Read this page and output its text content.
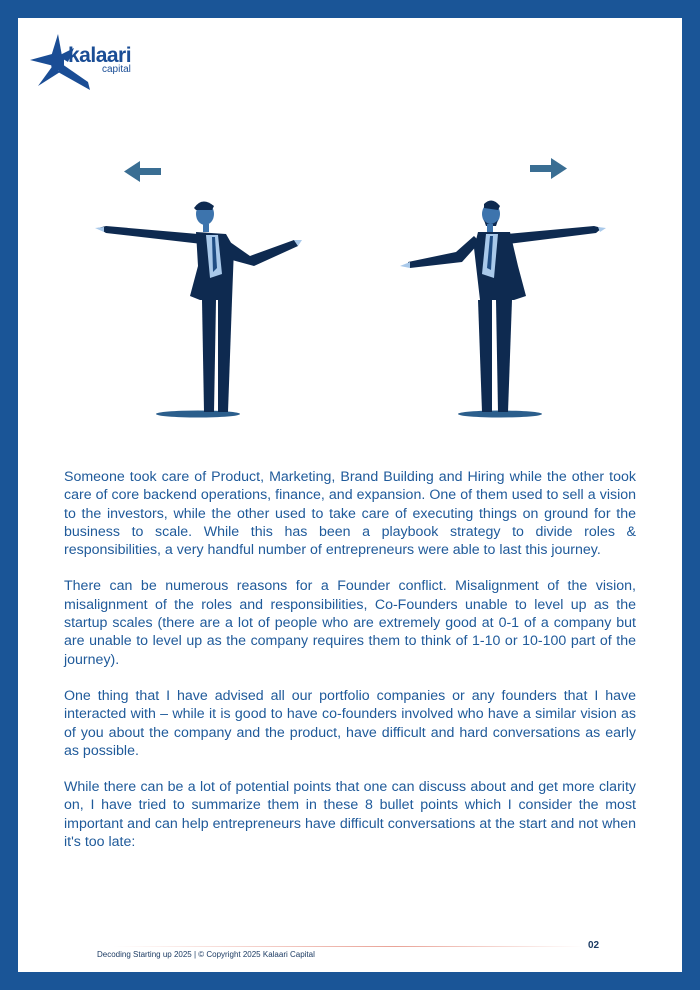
kalaari
capital

Someone took care of Product, Marketing, Brand Building and Hiring while the other took care of core backend operations, finance, and expansion. One of them used to sell a vision to the investors, while the other used to take care of executing things on ground for the business to scale. While this has been a playbook strategy to divide roles & responsibilities, a very handful number of entrepreneurs were able to last this journey.

There can be numerous reasons for a Founder conflict. Misalignment of the vision, misalignment of the roles and responsibilities, Co-Founders unable to level up as the startup scales (there are a lot of people who are extremely good at 0-1 of a company but are unable to level up as the company requires them to think of 1-10 or 10-100 part of the journey).

One thing that I have advised all our portfolio companies or any founders that I have interacted with – while it is good to have co-founders involved who have a similar vision as of you about the company and the product, have difficult and hard conversations as early as possible.

While there can be a lot of potential points that one can discuss about and get more clarity on, I have tried to summarize them in these 8 bullet points which I consider the most important and can help entrepreneurs have difficult conversations at the start and not when it's too late:

Decoding Starting up 2025 | © Copyright 2025 Kalaari Capital
02
